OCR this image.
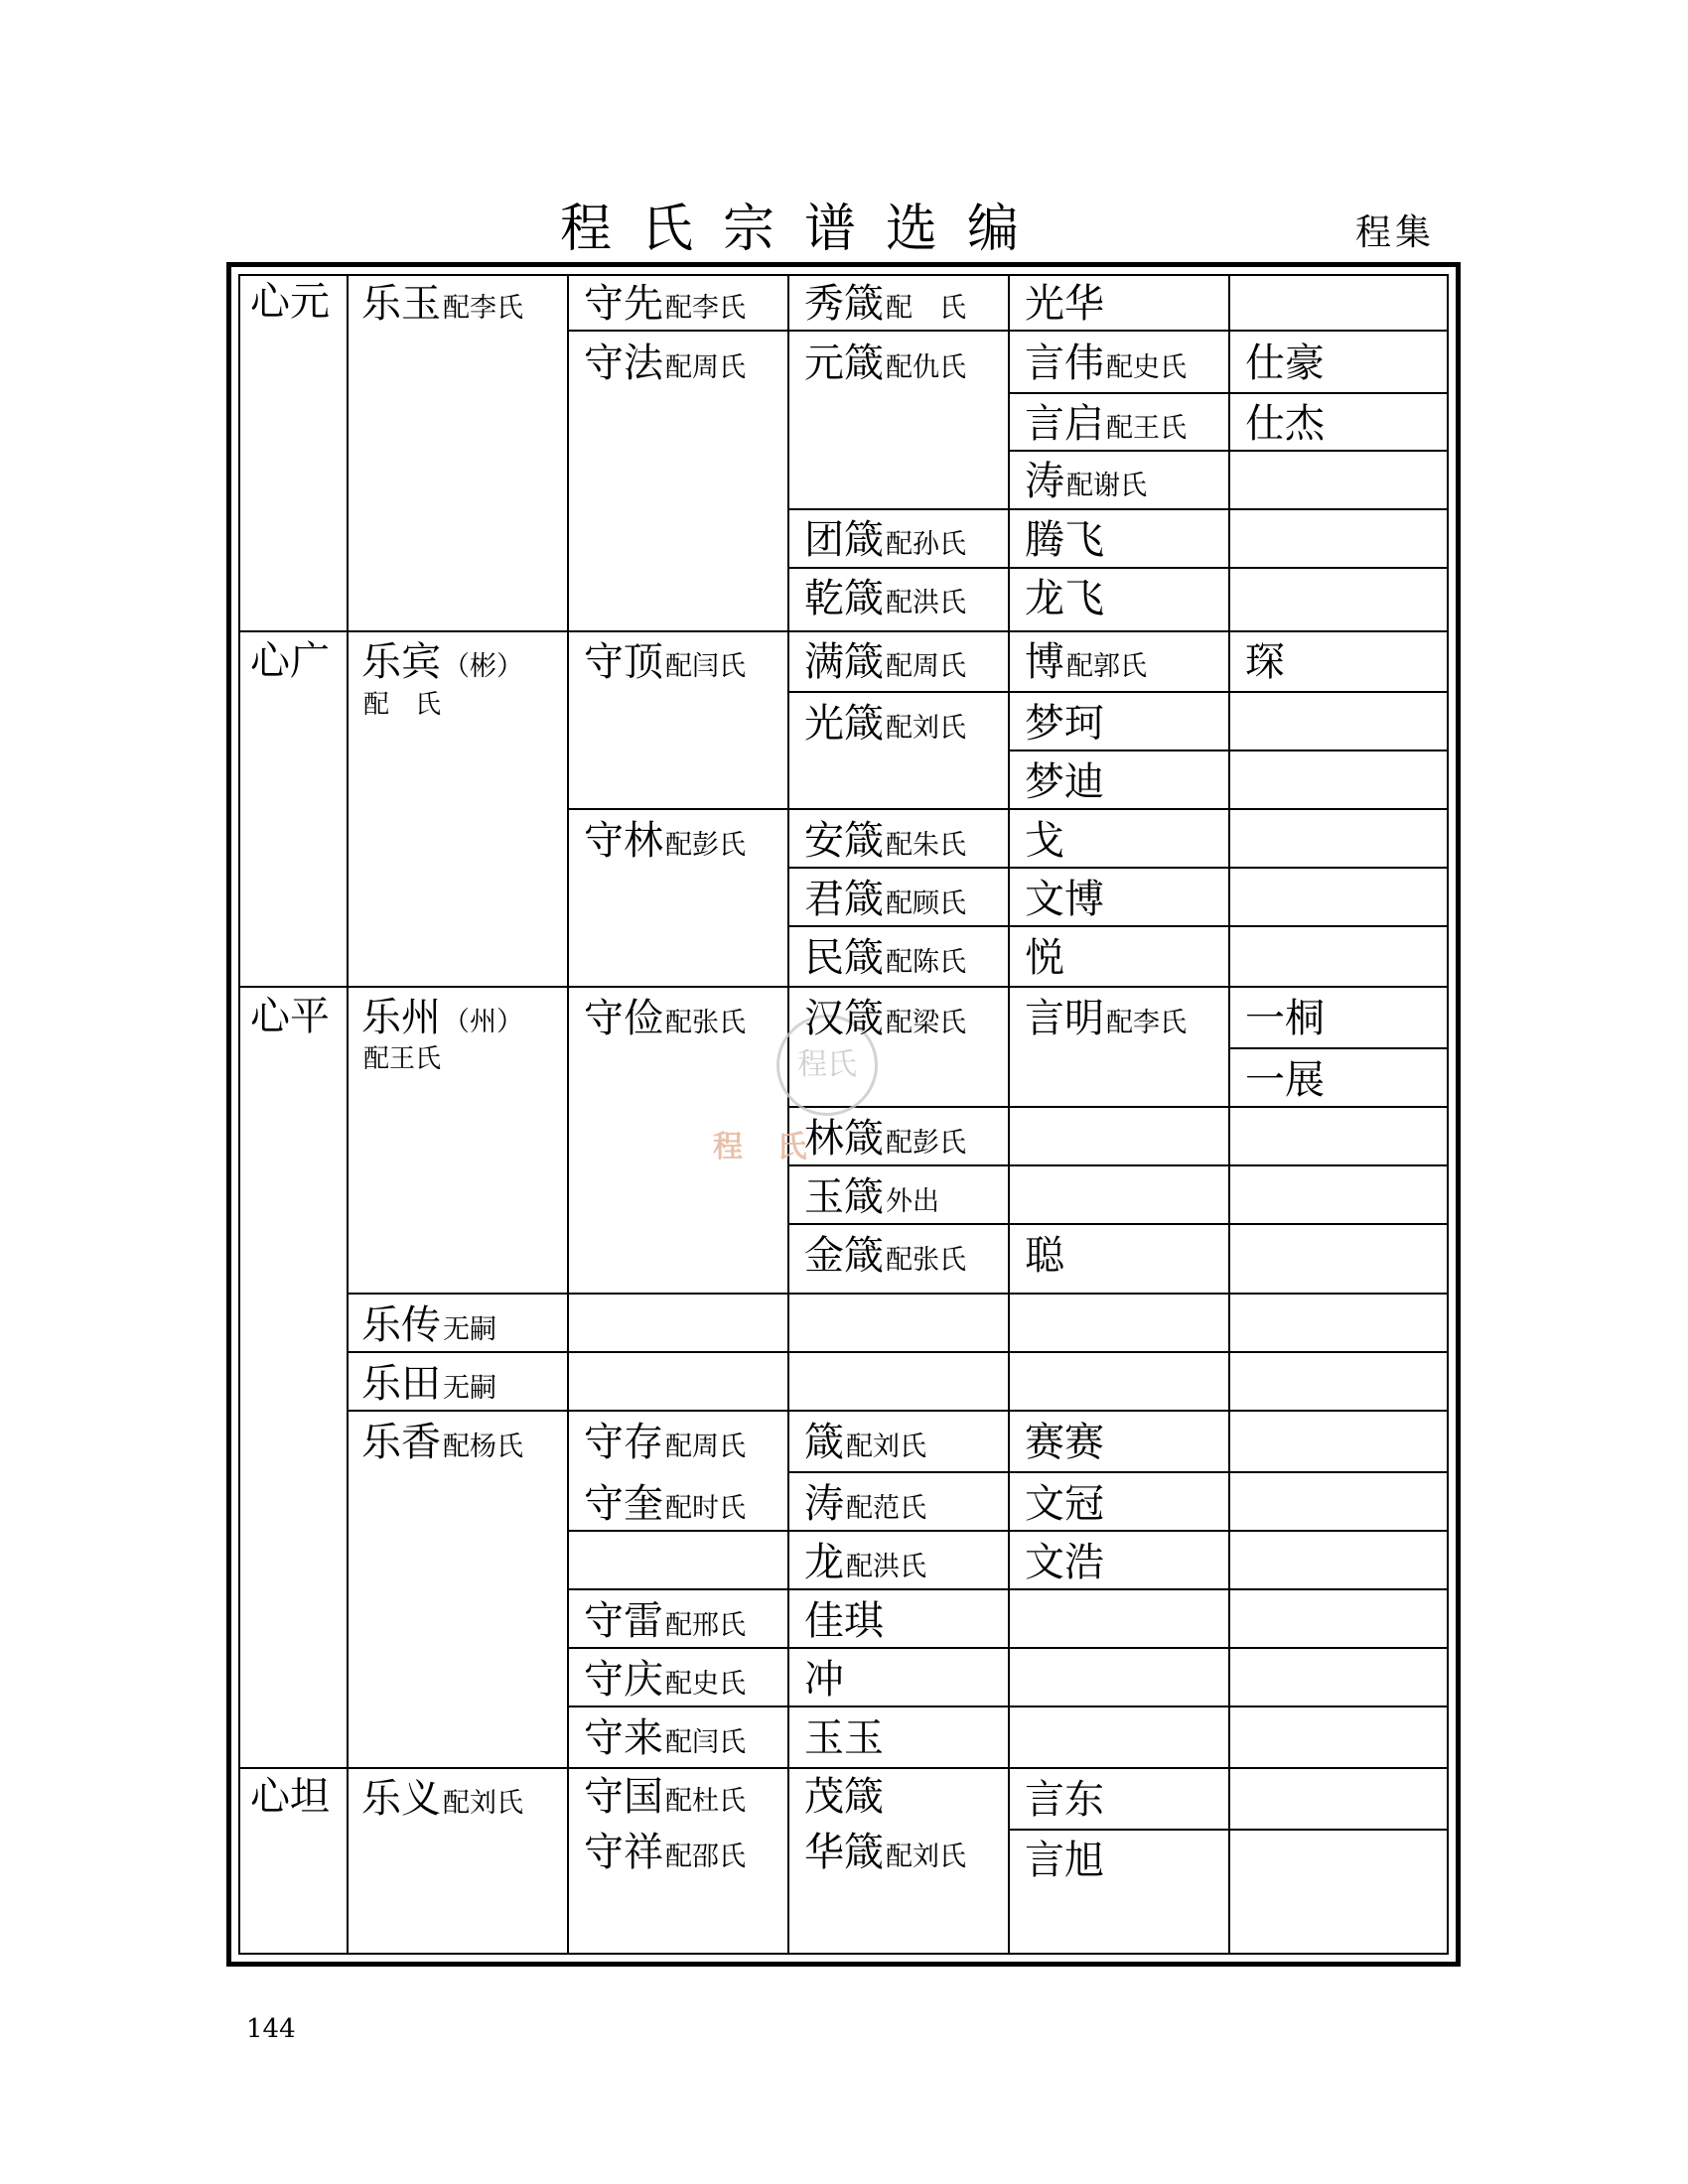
程氏宗谱选编	程集
程氏
程 氏
心元
心广
心平
心坦
乐玉配李氏
乐宾（彬）
配　氏
乐州（州）
配王氏
乐传无嗣
乐田无嗣
乐香配杨氏
乐义配刘氏
守先配李氏
守法配周氏
守顶配闫氏
守林配彭氏
守俭配张氏
守存配周氏
守奎配时氏
守雷配邢氏
守庆配史氏
守来配闫氏
守国配杜氏
守祥配邵氏
秀箴配　氏
元箴配仇氏
团箴配孙氏
乾箴配洪氏
满箴配周氏
光箴配刘氏
安箴配朱氏
君箴配顾氏
民箴配陈氏
汉箴配梁氏
林箴配彭氏
玉箴外出
金箴配张氏
箴配刘氏
涛配范氏
龙配洪氏
佳琪
冲
玉玉
茂箴
华箴配刘氏
光华
言伟配史氏
言启配王氏
涛配谢氏
腾飞
龙飞
博配郭氏
梦珂
梦迪
戈
文博
悦
言明配李氏
聪
赛赛
文冠
文浩
言东
言旭
仕豪
仕杰
琛
一桐
一展
144
